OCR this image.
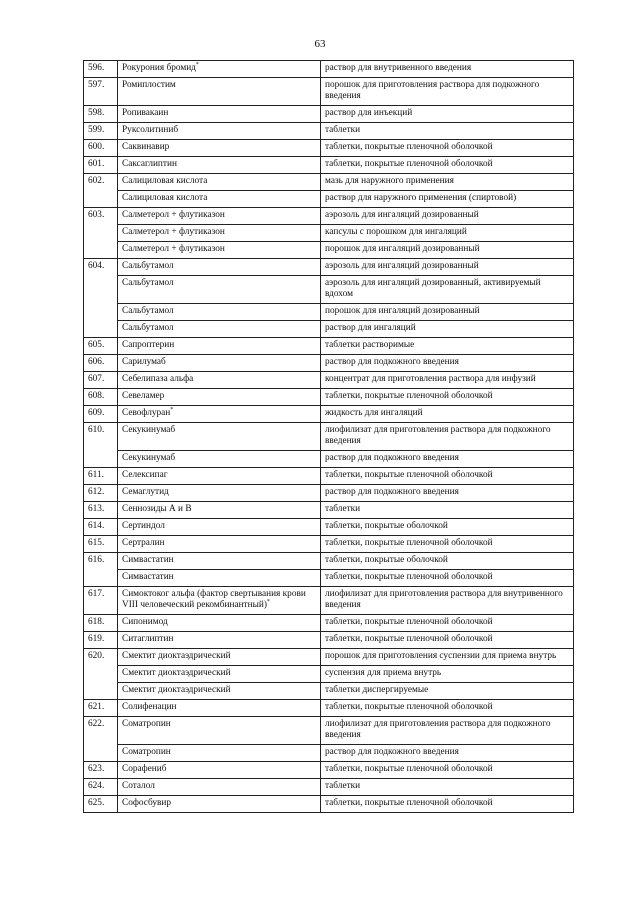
63
596.	Рокурония бромид*	раствор для внутривенного введения
597.	Ромиплостим	порошок для приготовления раствора для подкожного введения
598.	Ропивакаин	раствор для инъекций
599.	Руксолитиниб	таблетки
600.	Саквинавир	таблетки, покрытые пленочной оболочкой
601.	Саксаглиптин	таблетки, покрытые пленочной оболочкой
602.	Салициловая кислота	мазь для наружного применения
	Салициловая кислота	раствор для наружного применения (спиртовой)
603.	Салметерол + флутиказон	аэрозоль для ингаляций дозированный
	Салметерол + флутиказон	капсулы с порошком для ингаляций
	Салметерол + флутиказон	порошок для ингаляций дозированный
604.	Сальбутамол	аэрозоль для ингаляций дозированный
	Сальбутамол	аэрозоль для ингаляций дозированный, активируемый вдохом
	Сальбутамол	порошок для ингаляций дозированный
	Сальбутамол	раствор для ингаляций
605.	Сапроптерин	таблетки растворимые
606.	Сарилумаб	раствор для подкожного введения
607.	Себелипаза альфа	концентрат для приготовления раствора для инфузий
608.	Севеламер	таблетки, покрытые пленочной оболочкой
609.	Севофлуран*	жидкость для ингаляций
610.	Секукинумаб	лиофилизат для приготовления раствора для подкожного введения
	Секукинумаб	раствор для подкожного введения
611.	Селексипаг	таблетки, покрытые пленочной оболочкой
612.	Семаглутид	раствор для подкожного введения
613.	Сеннозиды А и В	таблетки
614.	Сертиндол	таблетки, покрытые оболочкой
615.	Сертралин	таблетки, покрытые пленочной оболочкой
616.	Симвастатин	таблетки, покрытые оболочкой
	Симвастатин	таблетки, покрытые пленочной оболочкой
617.	Симоктоког альфа (фактор свертывания крови VIII человеческий рекомбинантный)*	лиофилизат для приготовления раствора для внутривенного введения
618.	Сипонимод	таблетки, покрытые пленочной оболочкой
619.	Ситаглиптин	таблетки, покрытые пленочной оболочкой
620.	Смектит диоктаэдрический	порошок для приготовления суспензии для приема внутрь
	Смектит диоктаэдрический	суспензия для приема внутрь
	Смектит диоктаэдрический	таблетки диспергируемые
621.	Солифенацин	таблетки, покрытые пленочной оболочкой
622.	Соматропин	лиофилизат для приготовления раствора для подкожного введения
	Соматропин	раствор для подкожного введения
623.	Сорафениб	таблетки, покрытые пленочной оболочкой
624.	Соталол	таблетки
625.	Софосбувир	таблетки, покрытые пленочной оболочкой
